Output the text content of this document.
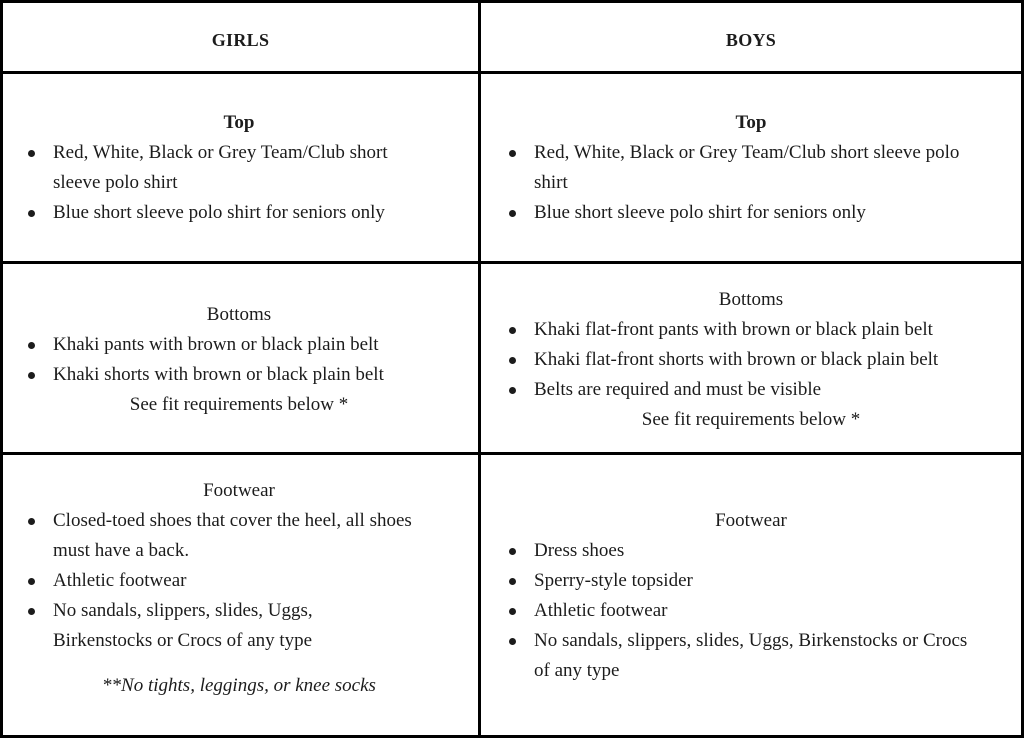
GIRLS	BOYS
Top
Red, White, Black or Grey Team/Club short sleeve polo shirt
Blue short sleeve polo shirt for seniors only
Top
Red, White, Black or Grey Team/Club short sleeve polo shirt
Blue short sleeve polo shirt for seniors only
Bottoms
Khaki pants with brown or black plain belt
Khaki shorts with brown or black plain belt
See fit requirements below *
Bottoms
Khaki flat-front pants with brown or black plain belt
Khaki flat-front shorts with brown or black plain belt
Belts are required and must be visible
See fit requirements below *
Footwear
Closed-toed shoes that cover the heel, all shoes must have a back.
Athletic footwear
No sandals, slippers, slides, Uggs, Birkenstocks or Crocs of any type
**No tights, leggings, or knee socks
Footwear
Dress shoes
Sperry-style topsider
Athletic footwear
No sandals, slippers, slides, Uggs, Birkenstocks or Crocs of any type
